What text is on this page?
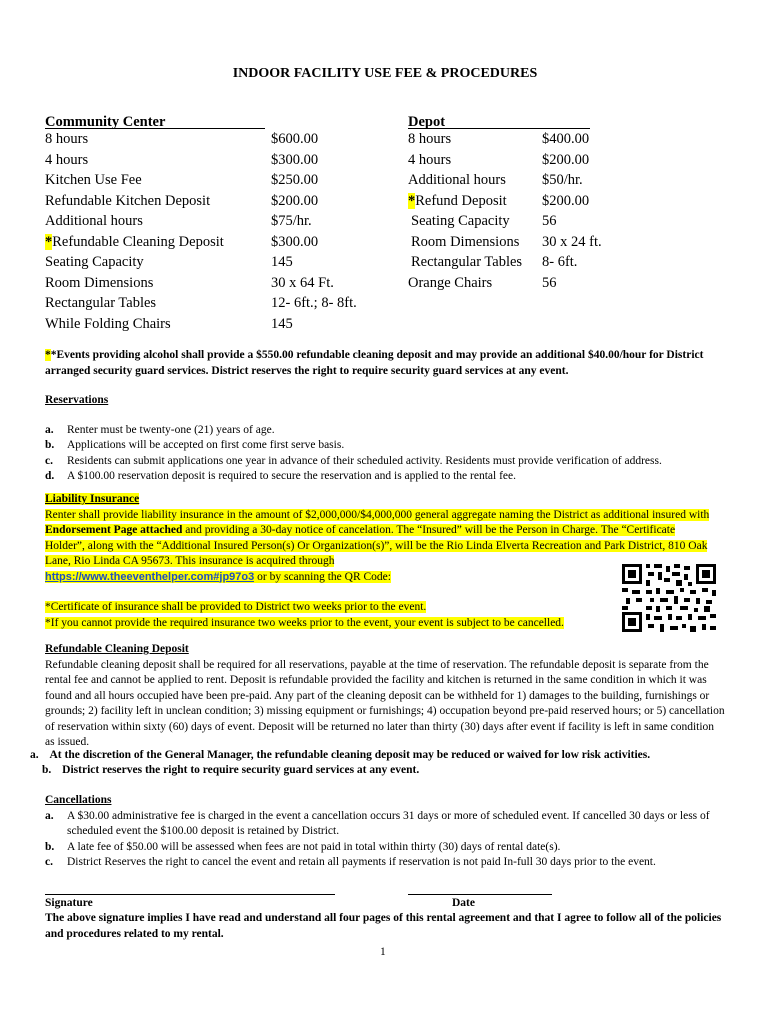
INDOOR FACILITY USE FEE & PROCEDURES
Community Center
8 hours
4 hours
Kitchen Use Fee
Refundable Kitchen Deposit
Additional hours
*Refundable Cleaning Deposit
Seating Capacity
Room Dimensions
Rectangular Tables
While Folding Chairs
$600.00
$300.00
$250.00
$200.00
$75/hr.
$300.00
145
30 x 64 Ft.
12- 6ft.; 8- 8ft.
145
Depot
8 hours
4 hours
Additional hours
*Refund Deposit
Seating Capacity
Room Dimensions
Rectangular Tables
Orange Chairs
$400.00
$200.00
$50/hr.
$200.00
56
30 x 24 ft.
8- 6ft.
56
**Events providing alcohol shall provide a $550.00 refundable cleaning deposit and may provide an additional $40.00/hour for District arranged security guard services. District reserves the right to require security guard services at any event.
Reservations
a. Renter must be twenty-one (21) years of age.
b. Applications will be accepted on first come first serve basis.
c. Residents can submit applications one year in advance of their scheduled activity. Residents must provide verification of address.
d. A $100.00 reservation deposit is required to secure the reservation and is applied to the rental fee.
Liability Insurance
Renter shall provide liability insurance in the amount of $2,000,000/$4,000,000 general aggregate naming the District as additional insured with Endorsement Page attached and providing a 30-day notice of cancelation. The “Insured” will be the Person in Charge. The “Certificate Holder”, along with the “Additional Insured Person(s) Or Organization(s)”, will be the Rio Linda Elverta Recreation and Park District, 810 Oak Lane, Rio Linda CA 95673. This insurance is acquired through
https://www.theeventhelper.com#jp97o3 or by scanning the QR Code:
*Certificate of insurance shall be provided to District two weeks prior to the event.
*If you cannot provide the required insurance two weeks prior to the event, your event is subject to be cancelled.
Refundable Cleaning Deposit
Refundable cleaning deposit shall be required for all reservations, payable at the time of reservation. The refundable deposit is separate from the rental fee and cannot be applied to rent. Deposit is refundable provided the facility and kitchen is returned in the same condition in which it was found and all hours occupied have been pre-paid. Any part of the cleaning deposit can be withheld for 1) damages to the building, furnishings or grounds; 2) facility left in unclean condition; 3) missing equipment or furnishings; 4) occupation beyond pre-paid reserved hours; or 5) cancellation of reservation within sixty (60) days of event. Deposit will be returned no later than thirty (30) days after event if facility is left in same condition as issued.
a. At the discretion of the General Manager, the refundable cleaning deposit may be reduced or waived for low risk activities.
b. District reserves the right to require security guard services at any event.
Cancellations
a. A $30.00 administrative fee is charged in the event a cancellation occurs 31 days or more of scheduled event. If cancelled 30 days or less of scheduled event the $100.00 deposit is retained by District.
b. A late fee of $50.00 will be assessed when fees are not paid in total within thirty (30) days of rental date(s).
c. District Reserves the right to cancel the event and retain all payments if reservation is not paid In-full 30 days prior to the event.
Signature	Date
The above signature implies I have read and understand all four pages of this rental agreement and that I agree to follow all of the policies and procedures related to my rental.
1
